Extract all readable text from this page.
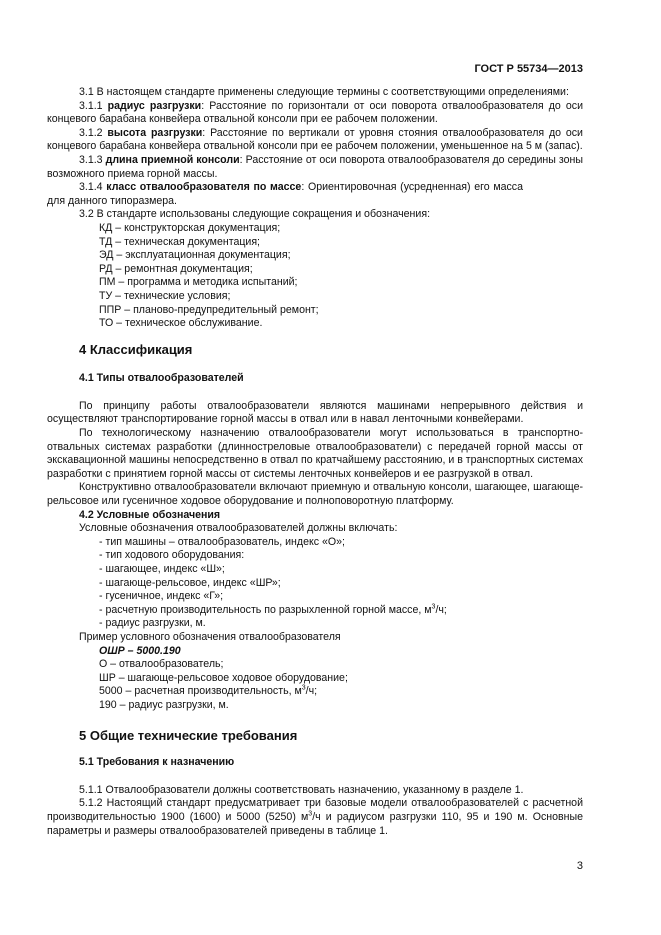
ГОСТ Р 55734—2013

3.1 В настоящем стандарте применены следующие термины с соответствующими определениями:

3.1.1 радиус разгрузки: Расстояние по горизонтали от оси поворота отвалообразователя до оси концевого барабана конвейера отвальной консоли при ее рабочем положении.

3.1.2 высота разгрузки: Расстояние по вертикали от уровня стояния отвалообразователя до оси концевого барабана конвейера отвальной консоли при ее рабочем положении, уменьшенное на 5 м (запас).

3.1.3 длина приемной консоли: Расстояние от оси поворота отвалообразователя до середины зоны возможного приема горной массы.

3.1.4 класс отвалообразователя по массе: Ориентировочная (усредненная) его масса для данного типоразмера.

3.2 В стандарте использованы следующие сокращения и обозначения:

КД – конструкторская документация;

ТД – техническая документация;

ЭД – эксплуатационная документация;

РД – ремонтная документация;

ПМ – программа и методика испытаний;

ТУ – технические условия;

ППР – планово-предупредительный ремонт;

ТО – техническое обслуживание.

4 Классификация

4.1 Типы отвалообразователей

По принципу работы отвалообразователи являются машинами непрерывного действия и осуществляют транспортирование горной массы в отвал или в навал ленточными конвейерами.

По технологическому назначению отвалообразователи могут использоваться в транспортно-отвальных системах разработки (длинностреловые отвалообразователи) с передачей горной массы от экскавационной машины непосредственно в отвал по кратчайшему расстоянию, и в транспортных системах разработки с принятием горной массы от системы ленточных конвейеров и ее разгрузкой в отвал.

Конструктивно отвалообразователи включают приемную и отвальную консоли, шагающее, шагающе-рельсовое или гусеничное ходовое оборудование и полноповоротную платформу.

4.2 Условные обозначения

Условные обозначения отвалообразователей должны включать:

- тип машины – отвалообразователь, индекс «О»;

- тип ходового оборудования:

- шагающее, индекс «Ш»;

- шагающе-рельсовое, индекс «ШР»;

- гусеничное, индекс «Г»;

- расчетную производительность по разрыхленной горной массе, $м^3/ч$;

- радиус разгрузки, м.

Пример условного обозначения отвалообразователя

ОШР – 5000.190

О – отвалообразователь;

ШР – шагающе-рельсовое ходовое оборудование;

5000 – расчетная производительность, $м^3/ч$;

190 – радиус разгрузки, м.

5 Общие технические требования

5.1 Требования к назначению

5.1.1 Отвалообразователи должны соответствовать назначению, указанному в разделе 1.

5.1.2 Настоящий стандарт предусматривает три базовые модели отвалообразователей с расчетной производительностью 1900 (1600) и 5000 (5250) $м^3/ч$ и радиусом разгрузки 110, 95 и 190 м. Основные параметры и размеры отвалообразователей приведены в таблице 1.

3
